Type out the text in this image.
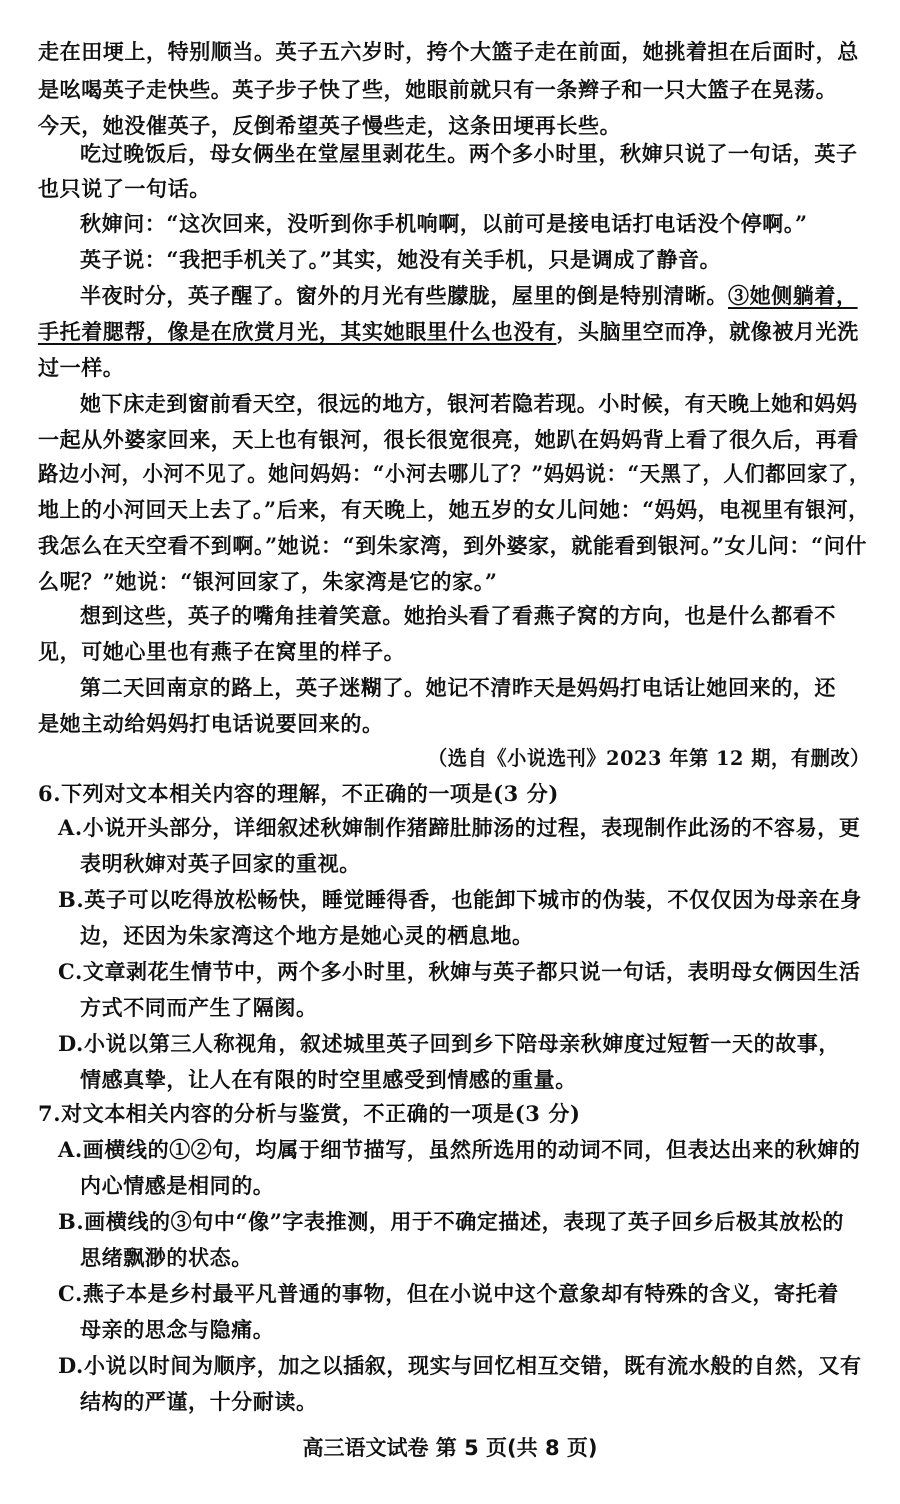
走在田埂上，特别顺当。英子五六岁时，挎个大篮子走在前面，她挑着担在后面时，总
是吆喝英子走快些。英子步子快了些，她眼前就只有一条辫子和一只大篮子在晃荡。
今天，她没催英子，反倒希望英子慢些走，这条田埂再长些。
吃过晚饭后，母女俩坐在堂屋里剥花生。两个多小时里，秋婶只说了一句话，英子
也只说了一句话。
秋婶问：“这次回来，没听到你手机响啊，以前可是接电话打电话没个停啊。”
英子说：“我把手机关了。”其实，她没有关手机，只是调成了静音。
半夜时分，英子醒了。窗外的月光有些朦胧，屋里的倒是特别清晰。③她侧躺着，
手托着腮帮，像是在欣赏月光，其实她眼里什么也没有，头脑里空而净，就像被月光洗
过一样。
她下床走到窗前看天空，很远的地方，银河若隐若现。小时候，有天晚上她和妈妈
一起从外婆家回来，天上也有银河，很长很宽很亮，她趴在妈妈背上看了很久后，再看
路边小河，小河不见了。她问妈妈：“小河去哪儿了？”妈妈说：“天黑了，人们都回家了，
地上的小河回天上去了。”后来，有天晚上，她五岁的女儿问她：“妈妈，电视里有银河，
我怎么在天空看不到啊。”她说：“到朱家湾，到外婆家，就能看到银河。”女儿问：“问什
么呢？”她说：“银河回家了，朱家湾是它的家。”
想到这些，英子的嘴角挂着笑意。她抬头看了看燕子窝的方向，也是什么都看不
见，可她心里也有燕子在窝里的样子。
第二天回南京的路上，英子迷糊了。她记不清昨天是妈妈打电话让她回来的，还
是她主动给妈妈打电话说要回来的。
（选自《小说选刊》2023 年第 12 期，有删改）
6.下列对文本相关内容的理解，不正确的一项是(3 分)
A.小说开头部分，详细叙述秋婶制作猪蹄肚肺汤的过程，表现制作此汤的不容易，更
表明秋婶对英子回家的重视。
B.英子可以吃得放松畅快，睡觉睡得香，也能卸下城市的伪装，不仅仅因为母亲在身
边，还因为朱家湾这个地方是她心灵的栖息地。
C.文章剥花生情节中，两个多小时里，秋婶与英子都只说一句话，表明母女俩因生活
方式不同而产生了隔阂。
D.小说以第三人称视角，叙述城里英子回到乡下陪母亲秋婶度过短暂一天的故事，
情感真挚，让人在有限的时空里感受到情感的重量。
7.对文本相关内容的分析与鉴赏，不正确的一项是(3 分)
A.画横线的①②句，均属于细节描写，虽然所选用的动词不同，但表达出来的秋婶的
内心情感是相同的。
B.画横线的③句中“像”字表推测，用于不确定描述，表现了英子回乡后极其放松的
思绪飘渺的状态。
C.燕子本是乡村最平凡普通的事物，但在小说中这个意象却有特殊的含义，寄托着
母亲的思念与隐痛。
D.小说以时间为顺序，加之以插叙，现实与回忆相互交错，既有流水般的自然，又有
结构的严谨，十分耐读。
高三语文试卷 第 5 页(共 8 页)
